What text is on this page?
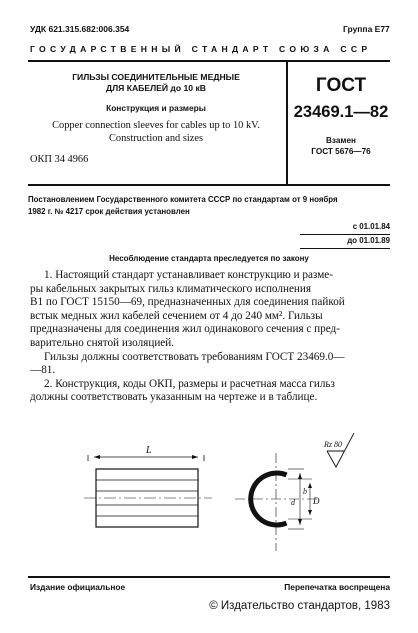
УДК 621.315.682:006.354	Группа Е77
ГОСУДАРСТВЕННЫЙ СТАНДАРТ СОЮЗА ССР
ГИЛЬЗЫ СОЕДИНИТЕЛЬНЫЕ МЕДНЫЕ
ДЛЯ КАБЕЛЕЙ до 10 кВ
Конструкция и размеры
Copper connection sleeves for cables up to 10 kV.
Construction and sizes
ОКП 34 4966
ГОСТ
23469.1—82
Взамен
ГОСТ 5676—76
Постановлением Государственного комитета СССР по стандартам от 9 ноября
1982 г. № 4217 срок действия установлен
с 01.01.84
до 01.01.89
Несоблюдение стандарта преследуется по закону
1. Настоящий стандарт устанавливает конструкцию и разме-
ры кабельных закрытых гильз климатического исполнения
В1 по ГОСТ 15150—69, предназначенных для соединения пайкой
встык медных жил кабелей сечением от 4 до 240 мм². Гильзы
предназначены для соединения жил одинакового сечения с пред-
варительно снятой изоляцией.
Гильзы должны соответствовать требованиям ГОСТ 23469.0—
—81.
2. Конструкция, коды ОКП, размеры и расчетная масса гильз
должны соответствовать указанным на чертеже и в таблице.
L
Rz 80
b
D
d
Издание официальное	Перепечатка воспрещена
© Издательство стандартов, 1983
